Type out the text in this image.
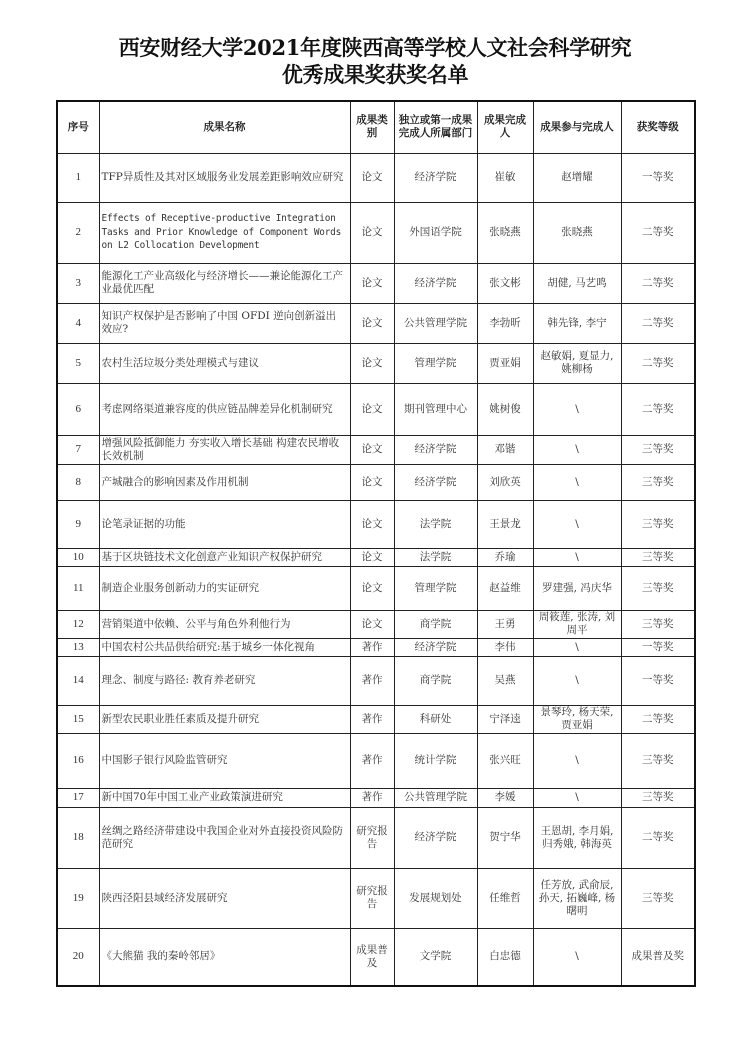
西安财经大学2021年度陕西高等学校人文社会科学研究
优秀成果奖获奖名单
序号	成果名称	成果类别	独立或第一成果完成人所属部门	成果完成人	成果参与完成人	获奖等级
1	TFP异质性及其对区域服务业发展差距影响效应研究	论文	经济学院	崔敏	赵增耀	一等奖
2	Effects of Receptive-productive Integration Tasks and Prior Knowledge of Component Words on L2 Collocation Development	论文	外国语学院	张晓燕	张晓燕	二等奖
3	能源化工产业高级化与经济增长——兼论能源化工产业最优匹配	论文	经济学院	张文彬	胡健, 马艺鸣	二等奖
4	知识产权保护是否影响了中国 OFDI 逆向创新溢出效应?	论文	公共管理学院	李勃昕	韩先锋, 李宁	二等奖
5	农村生活垃圾分类处理模式与建议	论文	管理学院	贾亚娟	赵敏娟, 夏显力, 姚柳杨	二等奖
6	考虑网络渠道兼容度的供应链品牌差异化机制研究	论文	期刊管理中心	姚树俊	\	二等奖
7	增强风险抵御能力 夯实收入增长基础 构建农民增收长效机制	论文	经济学院	邓锴	\	三等奖
8	产城融合的影响因素及作用机制	论文	经济学院	刘欣英	\	三等奖
9	论笔录证据的功能	论文	法学院	王景龙	\	三等奖
10	基于区块链技术文化创意产业知识产权保护研究	论文	法学院	乔瑜	\	三等奖
11	制造企业服务创新动力的实证研究	论文	管理学院	赵益维	罗建强, 冯庆华	三等奖
12	营销渠道中依赖、公平与角色外利他行为	论文	商学院	王勇	周筱莲, 张涛, 刘周平	三等奖
13	中国农村公共品供给研究:基于城乡一体化视角	著作	经济学院	李伟	\	一等奖
14	理念、制度与路径: 教育养老研究	著作	商学院	吴燕	\	一等奖
15	新型农民职业胜任素质及提升研究	著作	科研处	宁泽逵	景琴玲, 杨天荣, 贾亚娟	二等奖
16	中国影子银行风险监管研究	著作	统计学院	张兴旺	\	三等奖
17	新中国70年中国工业产业政策演进研究	著作	公共管理学院	李媛	\	三等奖
18	丝绸之路经济带建设中我国企业对外直接投资风险防范研究	研究报告	经济学院	贺宁华	王恩胡, 李月娟, 归秀娥, 韩海英	二等奖
19	陕西泾阳县域经济发展研究	研究报告	发展规划处	任维哲	任芳放, 武俞辰, 孙天, 拓巍峰, 杨曙明	三等奖
20	《大熊猫 我的秦岭邻居》	成果普及	文学院	白忠德	\	成果普及奖
